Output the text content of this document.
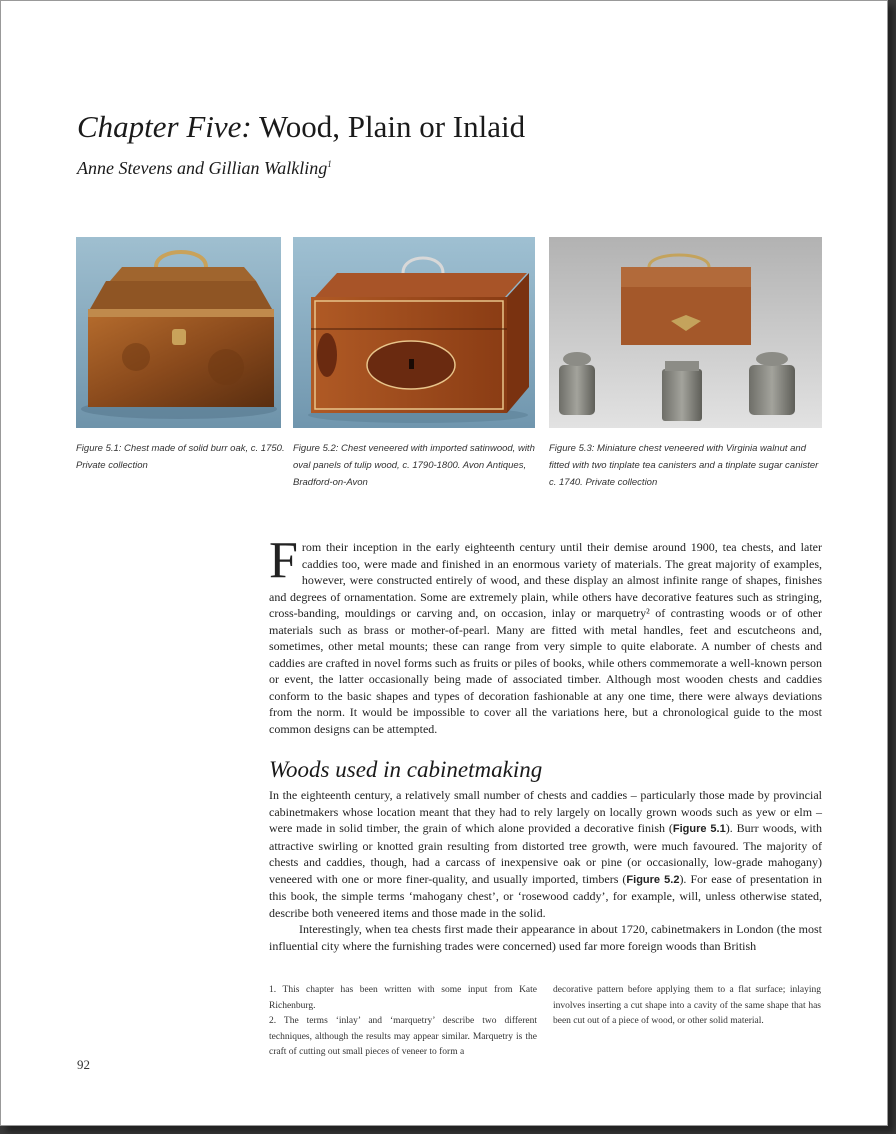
Chapter Five: Wood, Plain or Inlaid
Anne Stevens and Gillian Walkling$^1$
Figure 5.1: Chest made of solid burr oak, c. 1750. Private collection
Figure 5.2: Chest veneered with imported satinwood, with oval panels of tulip wood, c. 1790-1800. Avon Antiques, Bradford-on-Avon
Figure 5.3: Miniature chest veneered with Virginia walnut and fitted with two tinplate tea canisters and a tinplate sugar canister c. 1740. Private collection
From their inception in the early eighteenth century until their demise around 1900, tea chests, and later caddies too, were made and finished in an enormous variety of materials. The great majority of examples, however, were constructed entirely of wood, and these display an almost infinite range of shapes, finishes and degrees of ornamentation. Some are extremely plain, while others have decorative features such as stringing, cross-banding, mouldings or carving and, on occasion, inlay or marquetry² of contrasting woods or of other materials such as brass or mother-of-pearl. Many are fitted with metal handles, feet and escutcheons and, sometimes, other metal mounts; these can range from very simple to quite elaborate. A number of chests and caddies are crafted in novel forms such as fruits or piles of books, while others commemorate a well-known person or event, the latter occasionally being made of associated timber. Although most wooden chests and caddies conform to the basic shapes and types of decoration fashionable at any one time, there were always deviations from the norm. It would be impossible to cover all the variations here, but a chronological guide to the most common designs can be attempted.
Woods used in cabinetmaking

In the eighteenth century, a relatively small number of chests and caddies – particularly those made by provincial cabinetmakers whose location meant that they had to rely largely on locally grown woods such as yew or elm – were made in solid timber, the grain of which alone provided a decorative finish (Figure 5.1). Burr woods, with attractive swirling or knotted grain resulting from distorted tree growth, were much favoured. The majority of chests and caddies, though, had a carcass of inexpensive oak or pine (or occasionally, low-grade mahogany) veneered with one or more finer-quality, and usually imported, timbers (Figure 5.2). For ease of presentation in this book, the simple terms ‘mahogany chest’, or ‘rosewood caddy’, for example, will, unless otherwise stated, describe both veneered items and those made in the solid.

Interestingly, when tea chests first made their appearance in about 1720, cabinetmakers in London (the most influential city where the furnishing trades were concerned) used far more foreign woods than British

1. This chapter has been written with some input from Kate Richenburg.

2. The terms ‘inlay’ and ‘marquetry’ describe two different techniques, although the results may appear similar. Marquetry is the craft of cutting out small pieces of veneer to form a

decorative pattern before applying them to a flat surface; inlaying involves inserting a cut shape into a cavity of the same shape that has been cut out of a piece of wood, or other solid material.

92
